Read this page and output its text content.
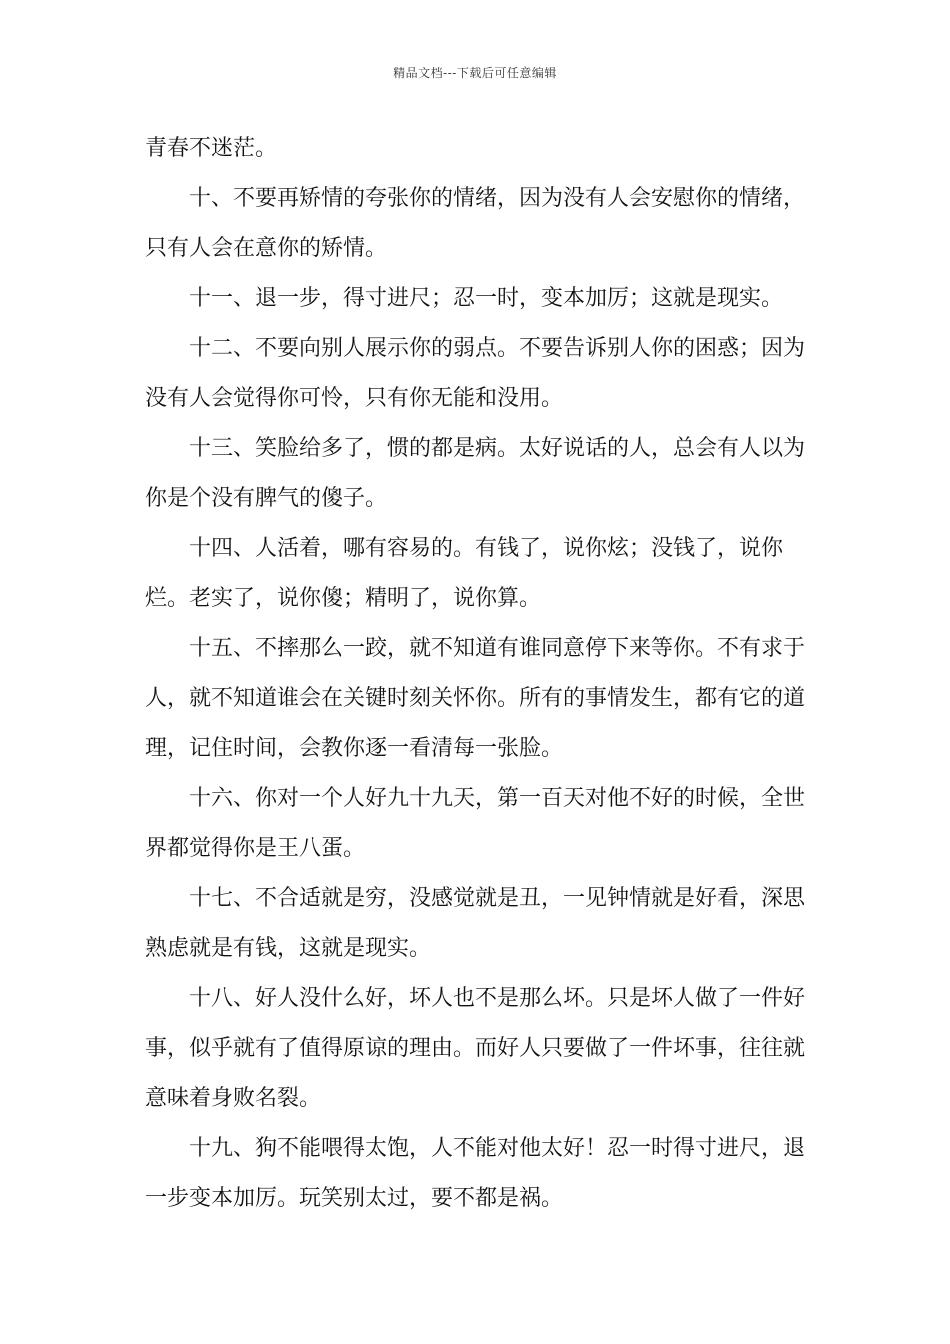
精品文档---下载后可任意编辑

青春不迷茫。

十、不要再矫情的夸张你的情绪，因为没有人会安慰你的情绪，只有人会在意你的矫情。

十一、退一步，得寸进尺；忍一时，变本加厉；这就是现实。

十二、不要向别人展示你的弱点。不要告诉别人你的困惑；因为没有人会觉得你可怜，只有你无能和没用。

十三、笑脸给多了，惯的都是病。太好说话的人，总会有人以为你是个没有脾气的傻子。

十四、人活着，哪有容易的。有钱了，说你炫；没钱了，说你烂。老实了，说你傻；精明了，说你算。

十五、不摔那么一跤，就不知道有谁同意停下来等你。不有求于人，就不知道谁会在关键时刻关怀你。所有的事情发生，都有它的道理，记住时间，会教你逐一看清每一张脸。

十六、你对一个人好九十九天，第一百天对他不好的时候，全世界都觉得你是王八蛋。

十七、不合适就是穷，没感觉就是丑，一见钟情就是好看，深思熟虑就是有钱，这就是现实。

十八、好人没什么好，坏人也不是那么坏。只是坏人做了一件好事，似乎就有了值得原谅的理由。而好人只要做了一件坏事，往往就意味着身败名裂。

十九、狗不能喂得太饱，人不能对他太好！忍一时得寸进尺，退一步变本加厉。玩笑别太过，要不都是祸。
